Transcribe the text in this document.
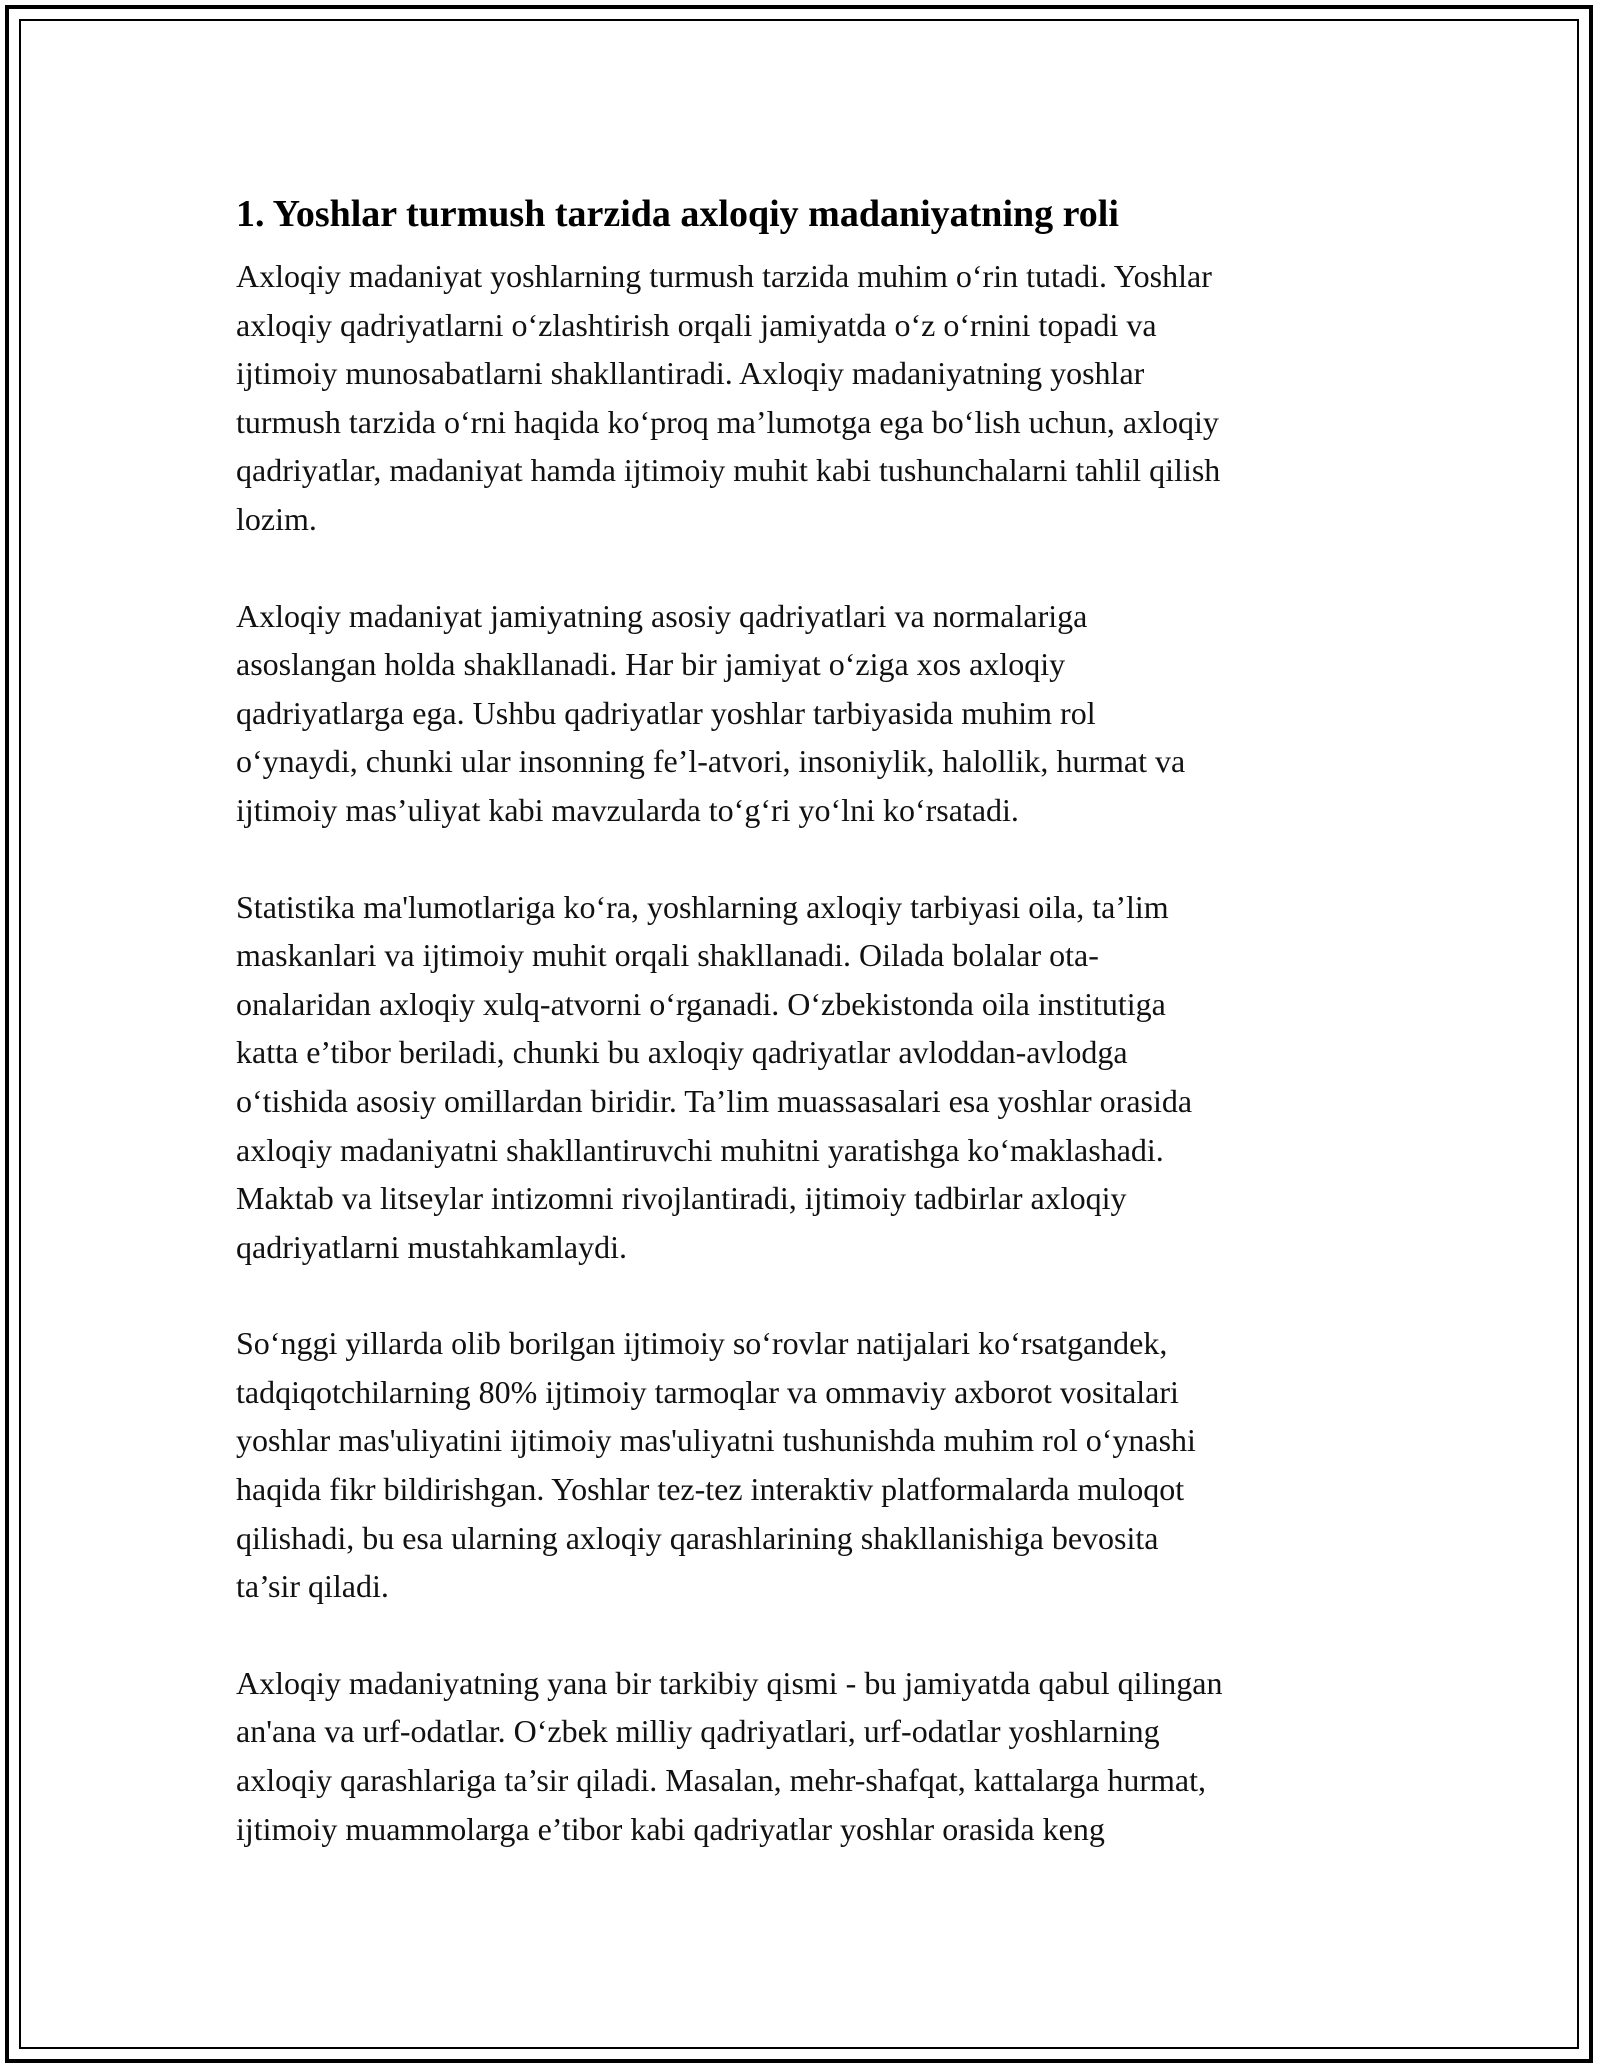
1. Yoshlar turmush tarzida axloqiy madaniyatning roli

Axloqiy madaniyat yoshlarning turmush tarzida muhim o‘rin tutadi. Yoshlar
axloqiy qadriyatlarni o‘zlashtirish orqali jamiyatda o‘z o‘rnini topadi va
ijtimoiy munosabatlarni shakllantiradi. Axloqiy madaniyatning yoshlar
turmush tarzida o‘rni haqida ko‘proq ma’lumotga ega bo‘lish uchun, axloqiy
qadriyatlar, madaniyat hamda ijtimoiy muhit kabi tushunchalarni tahlil qilish
lozim.

Axloqiy madaniyat jamiyatning asosiy qadriyatlari va normalariga
asoslangan holda shakllanadi. Har bir jamiyat o‘ziga xos axloqiy
qadriyatlarga ega. Ushbu qadriyatlar yoshlar tarbiyasida muhim rol
o‘ynaydi, chunki ular insonning fe’l-atvori, insoniylik, halollik, hurmat va
ijtimoiy mas’uliyat kabi mavzularda to‘g‘ri yo‘lni ko‘rsatadi.

Statistika ma'lumotlariga ko‘ra, yoshlarning axloqiy tarbiyasi oila, ta’lim
maskanlari va ijtimoiy muhit orqali shakllanadi. Oilada bolalar ota-
onalaridan axloqiy xulq-atvorni o‘rganadi. O‘zbekistonda oila institutiga
katta e’tibor beriladi, chunki bu axloqiy qadriyatlar avloddan-avlodga
o‘tishida asosiy omillardan biridir. Ta’lim muassasalari esa yoshlar orasida
axloqiy madaniyatni shakllantiruvchi muhitni yaratishga ko‘maklashadi.
Maktab va litseylar intizomni rivojlantiradi, ijtimoiy tadbirlar axloqiy
qadriyatlarni mustahkamlaydi.

So‘nggi yillarda olib borilgan ijtimoiy so‘rovlar natijalari ko‘rsatgandek,
tadqiqotchilarning 80% ijtimoiy tarmoqlar va ommaviy axborot vositalari
yoshlar mas'uliyatini ijtimoiy mas'uliyatni tushunishda muhim rol o‘ynashi
haqida fikr bildirishgan. Yoshlar tez-tez interaktiv platformalarda muloqot
qilishadi, bu esa ularning axloqiy qarashlarining shakllanishiga bevosita
ta’sir qiladi.

Axloqiy madaniyatning yana bir tarkibiy qismi - bu jamiyatda qabul qilingan
an'ana va urf-odatlar. O‘zbek milliy qadriyatlari, urf-odatlar yoshlarning
axloqiy qarashlariga ta’sir qiladi. Masalan, mehr-shafqat, kattalarga hurmat,
ijtimoiy muammolarga e’tibor kabi qadriyatlar yoshlar orasida keng
